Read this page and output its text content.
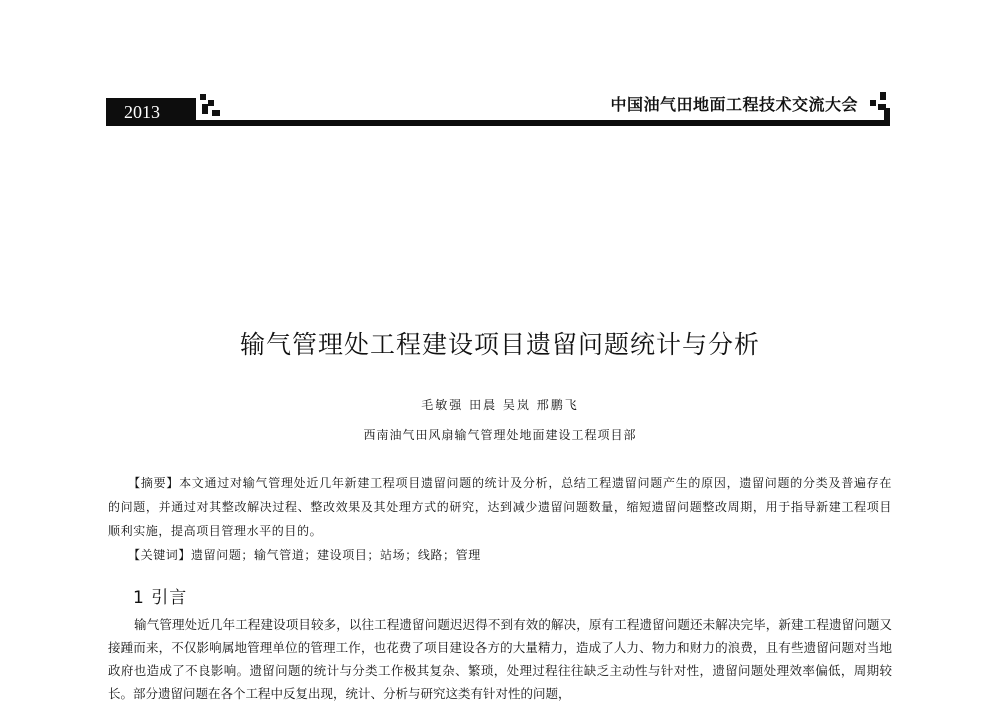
2013	中国油气田地面工程技术交流大会
输气管理处工程建设项目遗留问题统计与分析
毛敏强 田晨 吴岚 邢鹏飞
西南油气田风扇输气管理处地面建设工程项目部

【摘要】本文通过对输气管理处近几年新建工程项目遗留问题的统计及分析，总结工程遗留问题产生的原因，遗留问题的分类及普遍存在的问题，并通过对其整改解决过程、整改效果及其处理方式的研究，达到减少遗留问题数量，缩短遗留问题整改周期，用于指导新建工程项目顺利实施，提高项目管理水平的目的。

【关键词】遗留问题；输气管道；建设项目；站场；线路；管理

1 引言

输气管理处近几年工程建设项目较多，以往工程遗留问题迟迟得不到有效的解决，原有工程遗留问题还未解决完毕，新建工程遗留问题又接踵而来，不仅影响属地管理单位的管理工作，也花费了项目建设各方的大量精力，造成了人力、物力和财力的浪费，且有些遗留问题对当地政府也造成了不良影响。遗留问题的统计与分类工作极其复杂、繁琐，处理过程往往缺乏主动性与针对性，遗留问题处理效率偏低，周期较长。部分遗留问题在各个工程中反复出现，统计、分析与研究这类有针对性的问题，
